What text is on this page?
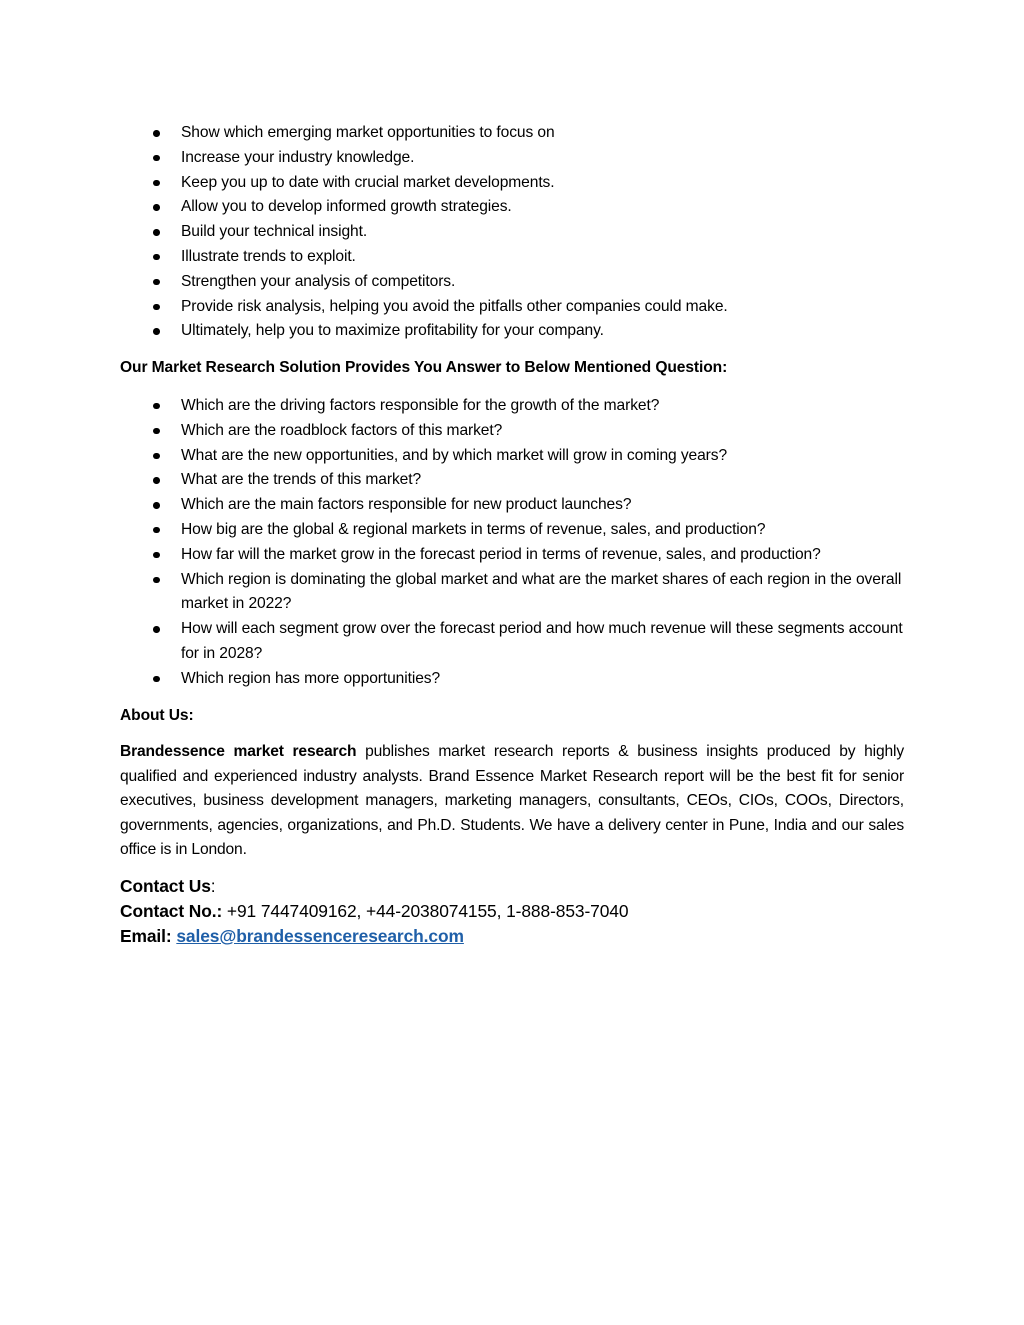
Show which emerging market opportunities to focus on
Increase your industry knowledge.
Keep you up to date with crucial market developments.
Allow you to develop informed growth strategies.
Build your technical insight.
Illustrate trends to exploit.
Strengthen your analysis of competitors.
Provide risk analysis, helping you avoid the pitfalls other companies could make.
Ultimately, help you to maximize profitability for your company.
Our Market Research Solution Provides You Answer to Below Mentioned Question:
Which are the driving factors responsible for the growth of the market?
Which are the roadblock factors of this market?
What are the new opportunities, and by which market will grow in coming years?
What are the trends of this market?
Which are the main factors responsible for new product launches?
How big are the global & regional markets in terms of revenue, sales, and production?
How far will the market grow in the forecast period in terms of revenue, sales, and production?
Which region is dominating the global market and what are the market shares of each region in the overall market in 2022?
How will each segment grow over the forecast period and how much revenue will these segments account for in 2028?
Which region has more opportunities?
About Us:

Brandessence market research publishes market research reports & business insights produced by highly qualified and experienced industry analysts. Brand Essence Market Research report will be the best fit for senior executives, business development managers, marketing managers, consultants, CEOs, CIOs, COOs, Directors, governments, agencies, organizations, and Ph.D. Students. We have a delivery center in Pune, India and our sales office is in London.

Contact Us:
Contact No.: +91 7447409162, +44-2038074155, 1-888-853-7040
Email: sales@brandessenceresearch.com
